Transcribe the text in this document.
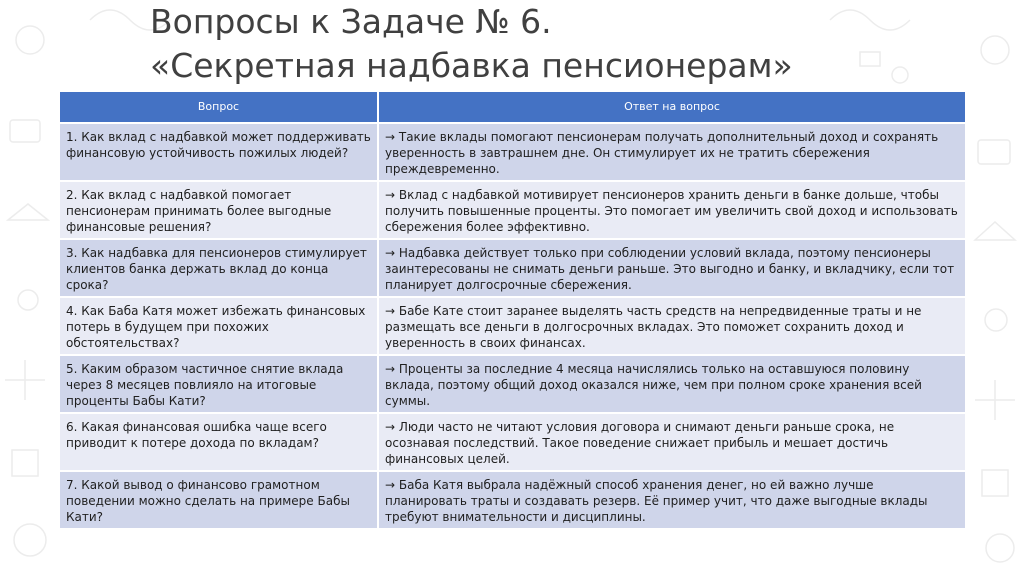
Вопросы к Задаче № 6.
«Секретная надбавка пенсионерам»
Вопрос	Ответ на вопрос
1. Как вклад с надбавкой может поддерживать финансовую устойчивость пожилых людей?	→ Такие вклады помогают пенсионерам получать дополнительный доход и сохранять уверенность в завтрашнем дне. Он стимулирует их не тратить сбережения преждевременно.
2. Как вклад с надбавкой помогает пенсионерам принимать более выгодные финансовые решения?	→ Вклад с надбавкой мотивирует пенсионеров хранить деньги в банке дольше, чтобы получить повышенные проценты. Это помогает им увеличить свой доход и использовать сбережения более эффективно.
3. Как надбавка для пенсионеров стимулирует клиентов банка держать вклад до конца срока?	→ Надбавка действует только при соблюдении условий вклада, поэтому пенсионеры заинтересованы не снимать деньги раньше. Это выгодно и банку, и вкладчику, если тот планирует долгосрочные сбережения.
4. Как Баба Катя может избежать финансовых потерь в будущем при похожих обстоятельствах?	→ Бабе Кате стоит заранее выделять часть средств на непредвиденные траты и не размещать все деньги в долгосрочных вкладах. Это поможет сохранить доход и уверенность в своих финансах.
5. Каким образом частичное снятие вклада через 8 месяцев повлияло на итоговые проценты Бабы Кати?	→ Проценты за последние 4 месяца начислялись только на оставшуюся половину вклада, поэтому общий доход оказался ниже, чем при полном сроке хранения всей суммы.
6. Какая финансовая ошибка чаще всего приводит к потере дохода по вкладам?	→ Люди часто не читают условия договора и снимают деньги раньше срока, не осознавая последствий. Такое поведение снижает прибыль и мешает достичь финансовых целей.
7. Какой вывод о финансово грамотном поведении можно сделать на примере Бабы Кати?	→ Баба Катя выбрала надёжный способ хранения денег, но ей важно лучше планировать траты и создавать резерв. Её пример учит, что даже выгодные вклады требуют внимательности и дисциплины.
